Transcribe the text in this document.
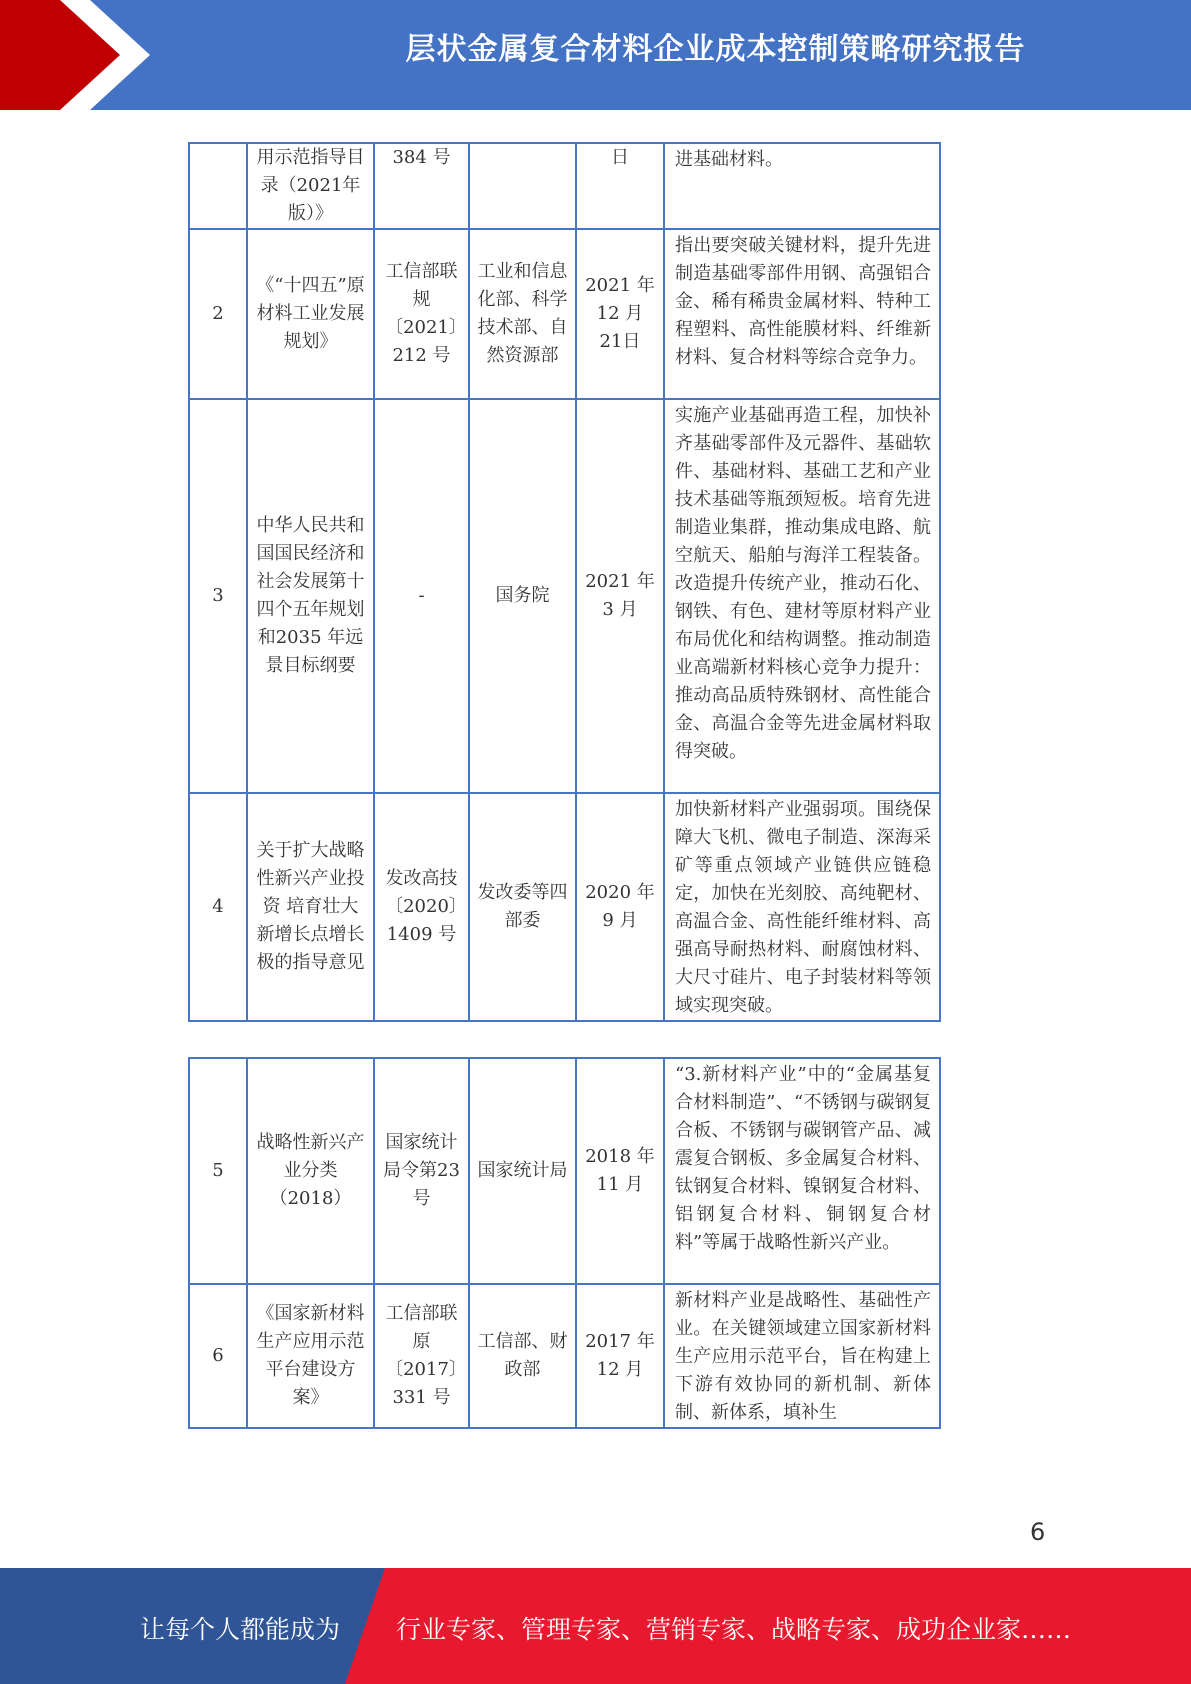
层状金属复合材料企业成本控制策略研究报告
	用示范指导目录（2021年版）》	384 号		日	进基础材料。
2	《“十四五”原材料工业发展规划》	工信部联规〔2021〕212 号	工业和信息化部、科学技术部、自然资源部	2021 年12 月 21日	指出要突破关键材料，提升先进制造基础零部件用钢、高强铝合金、稀有稀贵金属材料、特种工程塑料、高性能膜材料、纤维新材料、复合材料等综合竞争力。
3	中华人民共和国国民经济和社会发展第十四个五年规划和2035 年远景目标纲要	-	国务院	2021 年3 月	实施产业基础再造工程，加快补齐基础零部件及元器件、基础软件、基础材料、基础工艺和产业技术基础等瓶颈短板。培育先进制造业集群，推动集成电路、航空航天、船舶与海洋工程装备。改造提升传统产业，推动石化、钢铁、有色、建材等原材料产业布局优化和结构调整。推动制造业高端新材料核心竞争力提升：推动高品质特殊钢材、高性能合金、高温合金等先进金属材料取得突破。
4	关于扩大战略性新兴产业投资 培育壮大新增长点增长极的指导意见	发改高技〔2020〕1409 号	发改委等四部委	2020 年9 月	加快新材料产业强弱项。围绕保障大飞机、微电子制造、深海采矿等重点领域产业链供应链稳定，加快在光刻胶、高纯靶材、高温合金、高性能纤维材料、高强高导耐热材料、耐腐蚀材料、大尺寸硅片、电子封装材料等领域实现突破。
5	战略性新兴产业分类（2018）	国家统计局令第23 号	国家统计局	2018 年11 月	“3.新材料产业”中的“金属基复合材料制造”、“不锈钢与碳钢复合板、不锈钢与碳钢管产品、减震复合钢板、多金属复合材料、钛钢复合材料、镍钢复合材料、铝钢复合材料、铜钢复合材料”等属于战略性新兴产业。
6	《国家新材料生产应用示范平台建设方案》	工信部联原〔2017〕331 号	工信部、财政部	2017 年12 月	新材料产业是战略性、基础性产业。在关键领域建立国家新材料生产应用示范平台，旨在构建上下游有效协同的新机制、新体制、新体系，填补生
6
让每个人都能成为 行业专家、管理专家、营销专家、战略专家、成功企业家……
